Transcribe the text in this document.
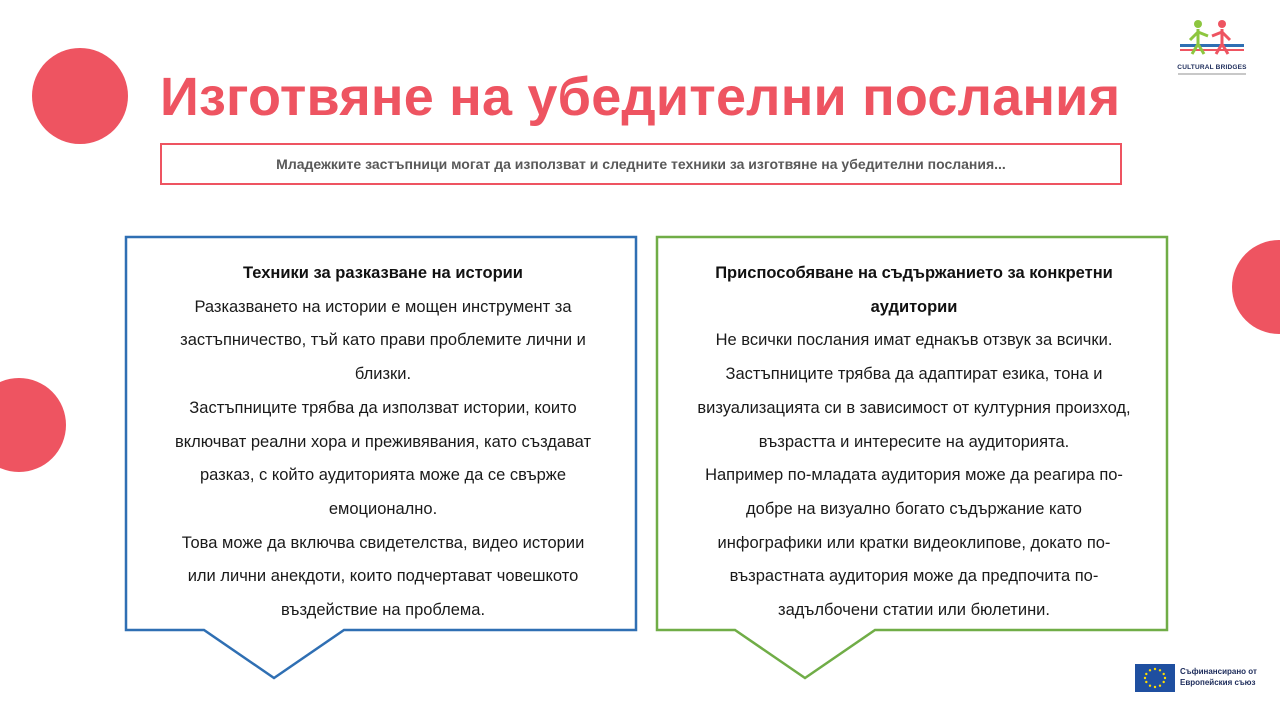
Изготвяне на убедителни послания
Младежките застъпници могат да използват и следните техники за изготвяне на убедителни послания...
Техники за разказване на истории
Разказването на истории е мощен инструмент за
застъпничество, тъй като прави проблемите лични и
близки.
Застъпниците трябва да използват истории, които
включват реални хора и преживявания, като създават
разказ, с който аудиторията може да се свърже
емоционално.
Това може да включва свидетелства, видео истории
или лични анекдоти, които подчертават човешкото
въздействие на проблема.
Приспособяване на съдържанието за конкретни
аудитории
Не всички послания имат еднакъв отзвук за всички.
Застъпниците трябва да адаптират езика, тона и
визуализацията си в зависимост от културния произход,
възрастта и интересите на аудиторията.
Например по-младата аудитория може да реагира по-
добре на визуално богато съдържание като
инфографики или кратки видеоклипове, докато по-
възрастната аудитория може да предпочита по-
задълбочени статии или бюлетини.
CULTURAL BRIDGES
Съфинансирано от
Европейския съюз
